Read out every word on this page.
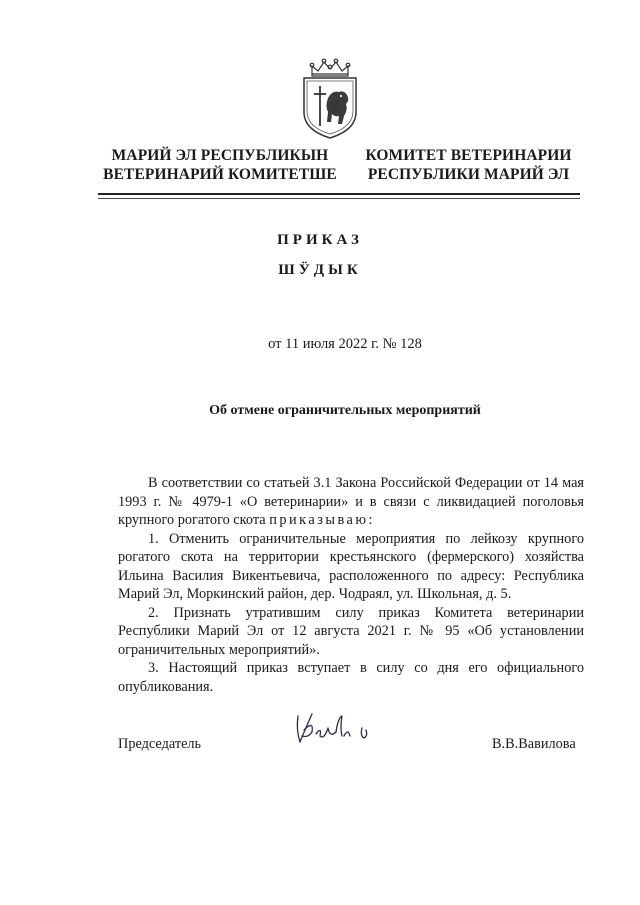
МАРИЙ ЭЛ РЕСПУБЛИКЫН
ВЕТЕРИНАРИЙ КОМИТЕТШЕ
КОМИТЕТ ВЕТЕРИНАРИИ
РЕСПУБЛИКИ МАРИЙ ЭЛ
ПРИКАЗ
ШӰДЫК
от 11 июля 2022 г. № 128
Об отмене ограничительных мероприятий

В соответствии со статьей 3.1 Закона Российской Федерации от 14 мая 1993 г. № 4979-1 «О ветеринарии» и в связи с ликвидацией поголовья крупного рогатого скота приказываю:

1. Отменить ограничительные мероприятия по лейкозу крупного рогатого скота на территории крестьянского (фермерского) хозяйства Ильина Василия Викентьевича, расположенного по адресу: Республика Марий Эл, Моркинский район, дер. Чодраял, ул. Школьная, д. 5.

2. Признать утратившим силу приказ Комитета ветеринарии Республики Марий Эл от 12 августа 2021 г. № 95 «Об установлении ограничительных мероприятий».

3. Настоящий приказ вступает в силу со дня его официального опубликования.

Председатель	В.В.Вавилова
